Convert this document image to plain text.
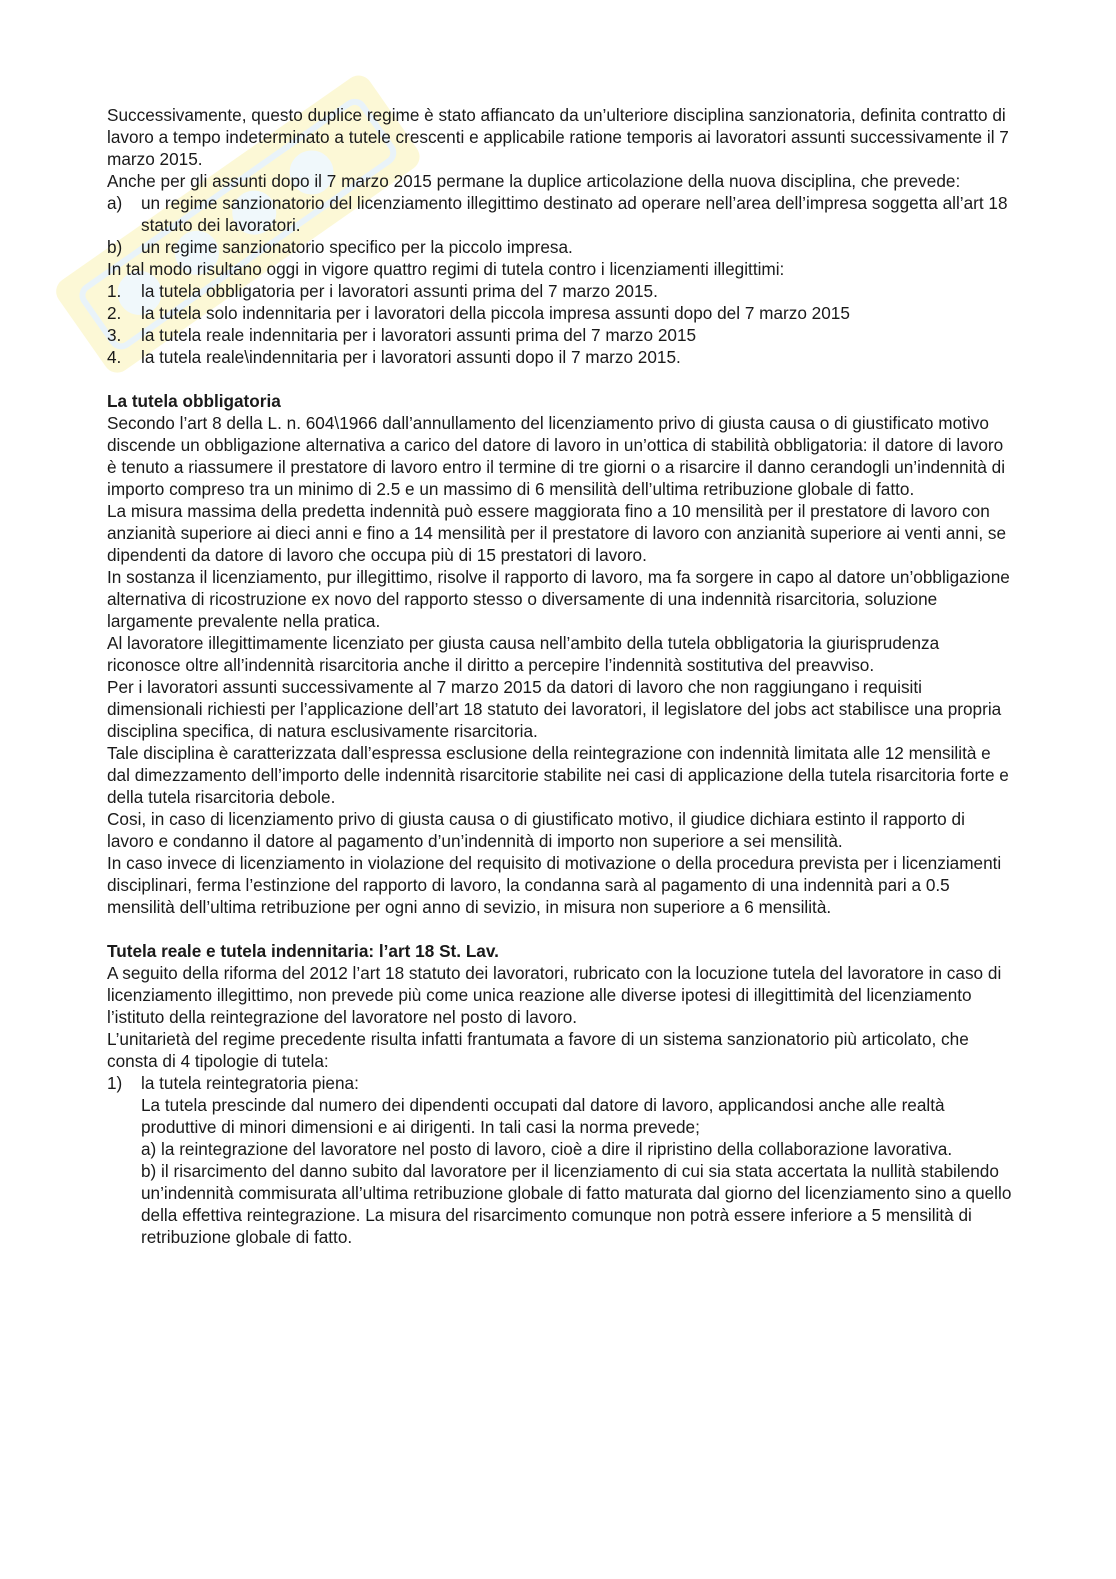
Successivamente, questo duplice regime è stato affiancato da un’ulteriore disciplina sanzionatoria, definita contratto di lavoro a tempo indeterminato a tutele crescenti e applicabile ratione temporis ai lavoratori assunti successivamente il 7 marzo 2015.

Anche per gli assunti dopo il 7 marzo 2015 permane la duplice articolazione della nuova disciplina, che prevede:

a)	un regime sanzionatorio del licenziamento illegittimo destinato ad operare nell’area dell’impresa soggetta all’art 18 statuto dei lavoratori.
b)	un regime sanzionatorio specifico per la piccolo impresa.

In tal modo risultano oggi in vigore quattro regimi di tutela contro i licenziamenti illegittimi:

1.	la tutela obbligatoria per i lavoratori assunti prima del 7 marzo 2015.
2.	la tutela solo indennitaria per i lavoratori della piccola impresa assunti dopo del 7 marzo 2015
3.	la tutela reale indennitaria per i lavoratori assunti prima del 7 marzo 2015
4.	la tutela reale\indennitaria per i lavoratori assunti dopo il 7 marzo 2015.
La tutela obbligatoria

Secondo l’art 8 della L. n. 604\1966 dall’annullamento del licenziamento privo di giusta causa o di giustificato motivo discende un obbligazione alternativa a carico del datore di lavoro in un’ottica di stabilità obbligatoria: il datore di lavoro è tenuto a riassumere il prestatore di lavoro entro il termine di tre giorni o a risarcire il danno cerandogli un’indennità di importo compreso tra un minimo di 2.5 e un massimo di 6 mensilità dell’ultima retribuzione globale di fatto.

La misura massima della predetta indennità può essere maggiorata fino a 10 mensilità per il prestatore di lavoro con anzianità superiore ai dieci anni e fino a 14 mensilità per il prestatore di lavoro con anzianità superiore ai venti anni, se dipendenti da datore di lavoro che occupa più di 15 prestatori di lavoro.

In sostanza il licenziamento, pur illegittimo, risolve il rapporto di lavoro, ma fa sorgere in capo al datore un’obbligazione alternativa di ricostruzione ex novo del rapporto stesso o diversamente di una indennità risarcitoria, soluzione largamente prevalente nella pratica.

Al lavoratore illegittimamente licenziato per giusta causa nell’ambito della tutela obbligatoria la giurisprudenza riconosce oltre all’indennità risarcitoria anche il diritto a percepire l’indennità sostitutiva del preavviso.

Per i lavoratori assunti successivamente al 7 marzo 2015 da datori di lavoro che non raggiungano i requisiti dimensionali richiesti per l’applicazione dell’art 18 statuto dei lavoratori, il legislatore del jobs act stabilisce una propria disciplina specifica, di natura esclusivamente risarcitoria.

Tale disciplina è caratterizzata dall’espressa esclusione della reintegrazione con indennità limitata alle 12 mensilità e dal dimezzamento dell’importo delle indennità risarcitorie stabilite nei casi di applicazione della tutela risarcitoria forte e della tutela risarcitoria debole.

Cosi, in caso di licenziamento privo di giusta causa o di giustificato motivo, il giudice dichiara estinto il rapporto di lavoro e condanno il datore al pagamento d’un’indennità di importo non superiore a sei mensilità.

In caso invece di licenziamento in violazione del requisito di motivazione o della procedura prevista per i licenziamenti disciplinari, ferma l’estinzione del rapporto di lavoro, la condanna sarà al pagamento di una indennità pari a 0.5 mensilità dell’ultima retribuzione per ogni anno di sevizio, in misura non superiore a 6 mensilità.

Tutela reale e tutela indennitaria: l’art 18 St. Lav.

A seguito della riforma del 2012 l’art 18 statuto dei lavoratori, rubricato con la locuzione tutela del lavoratore in caso di licenziamento illegittimo, non prevede più come unica reazione alle diverse ipotesi di illegittimità del licenziamento l’istituto della reintegrazione del lavoratore nel posto di lavoro.

L’unitarietà del regime precedente risulta infatti frantumata a favore di un sistema sanzionatorio più articolato, che consta di 4 tipologie di tutela:

1)	la tutela reintegratoria piena:

La tutela prescinde dal numero dei dipendenti occupati dal datore di lavoro, applicandosi anche alle realtà produttive di minori dimensioni e ai dirigenti. In tali casi la norma prevede;

a) la reintegrazione del lavoratore nel posto di lavoro, cioè a dire il ripristino della collaborazione lavorativa.

b) il risarcimento del danno subito dal lavoratore per il licenziamento di cui sia stata accertata la nullità stabilendo un’indennità commisurata all’ultima retribuzione globale di fatto maturata dal giorno del licenziamento sino a quello della effettiva reintegrazione. La misura del risarcimento comunque non potrà essere inferiore a 5 mensilità di retribuzione globale di fatto.
